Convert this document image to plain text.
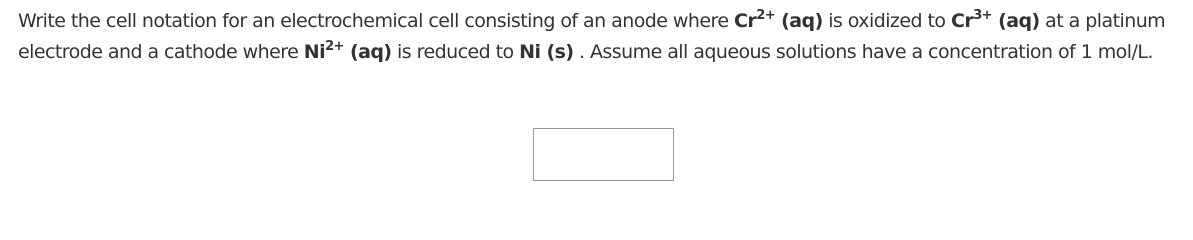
Write the cell notation for an electrochemical cell consisting of an anode where $Cr^{2+}$ (aq) is oxidized to $Cr^{3+}$ (aq) at a platinum electrode and a cathode where $Ni^{2+}$ (aq) is reduced to Ni (s) . Assume all aqueous solutions have a concentration of 1 mol/L.
